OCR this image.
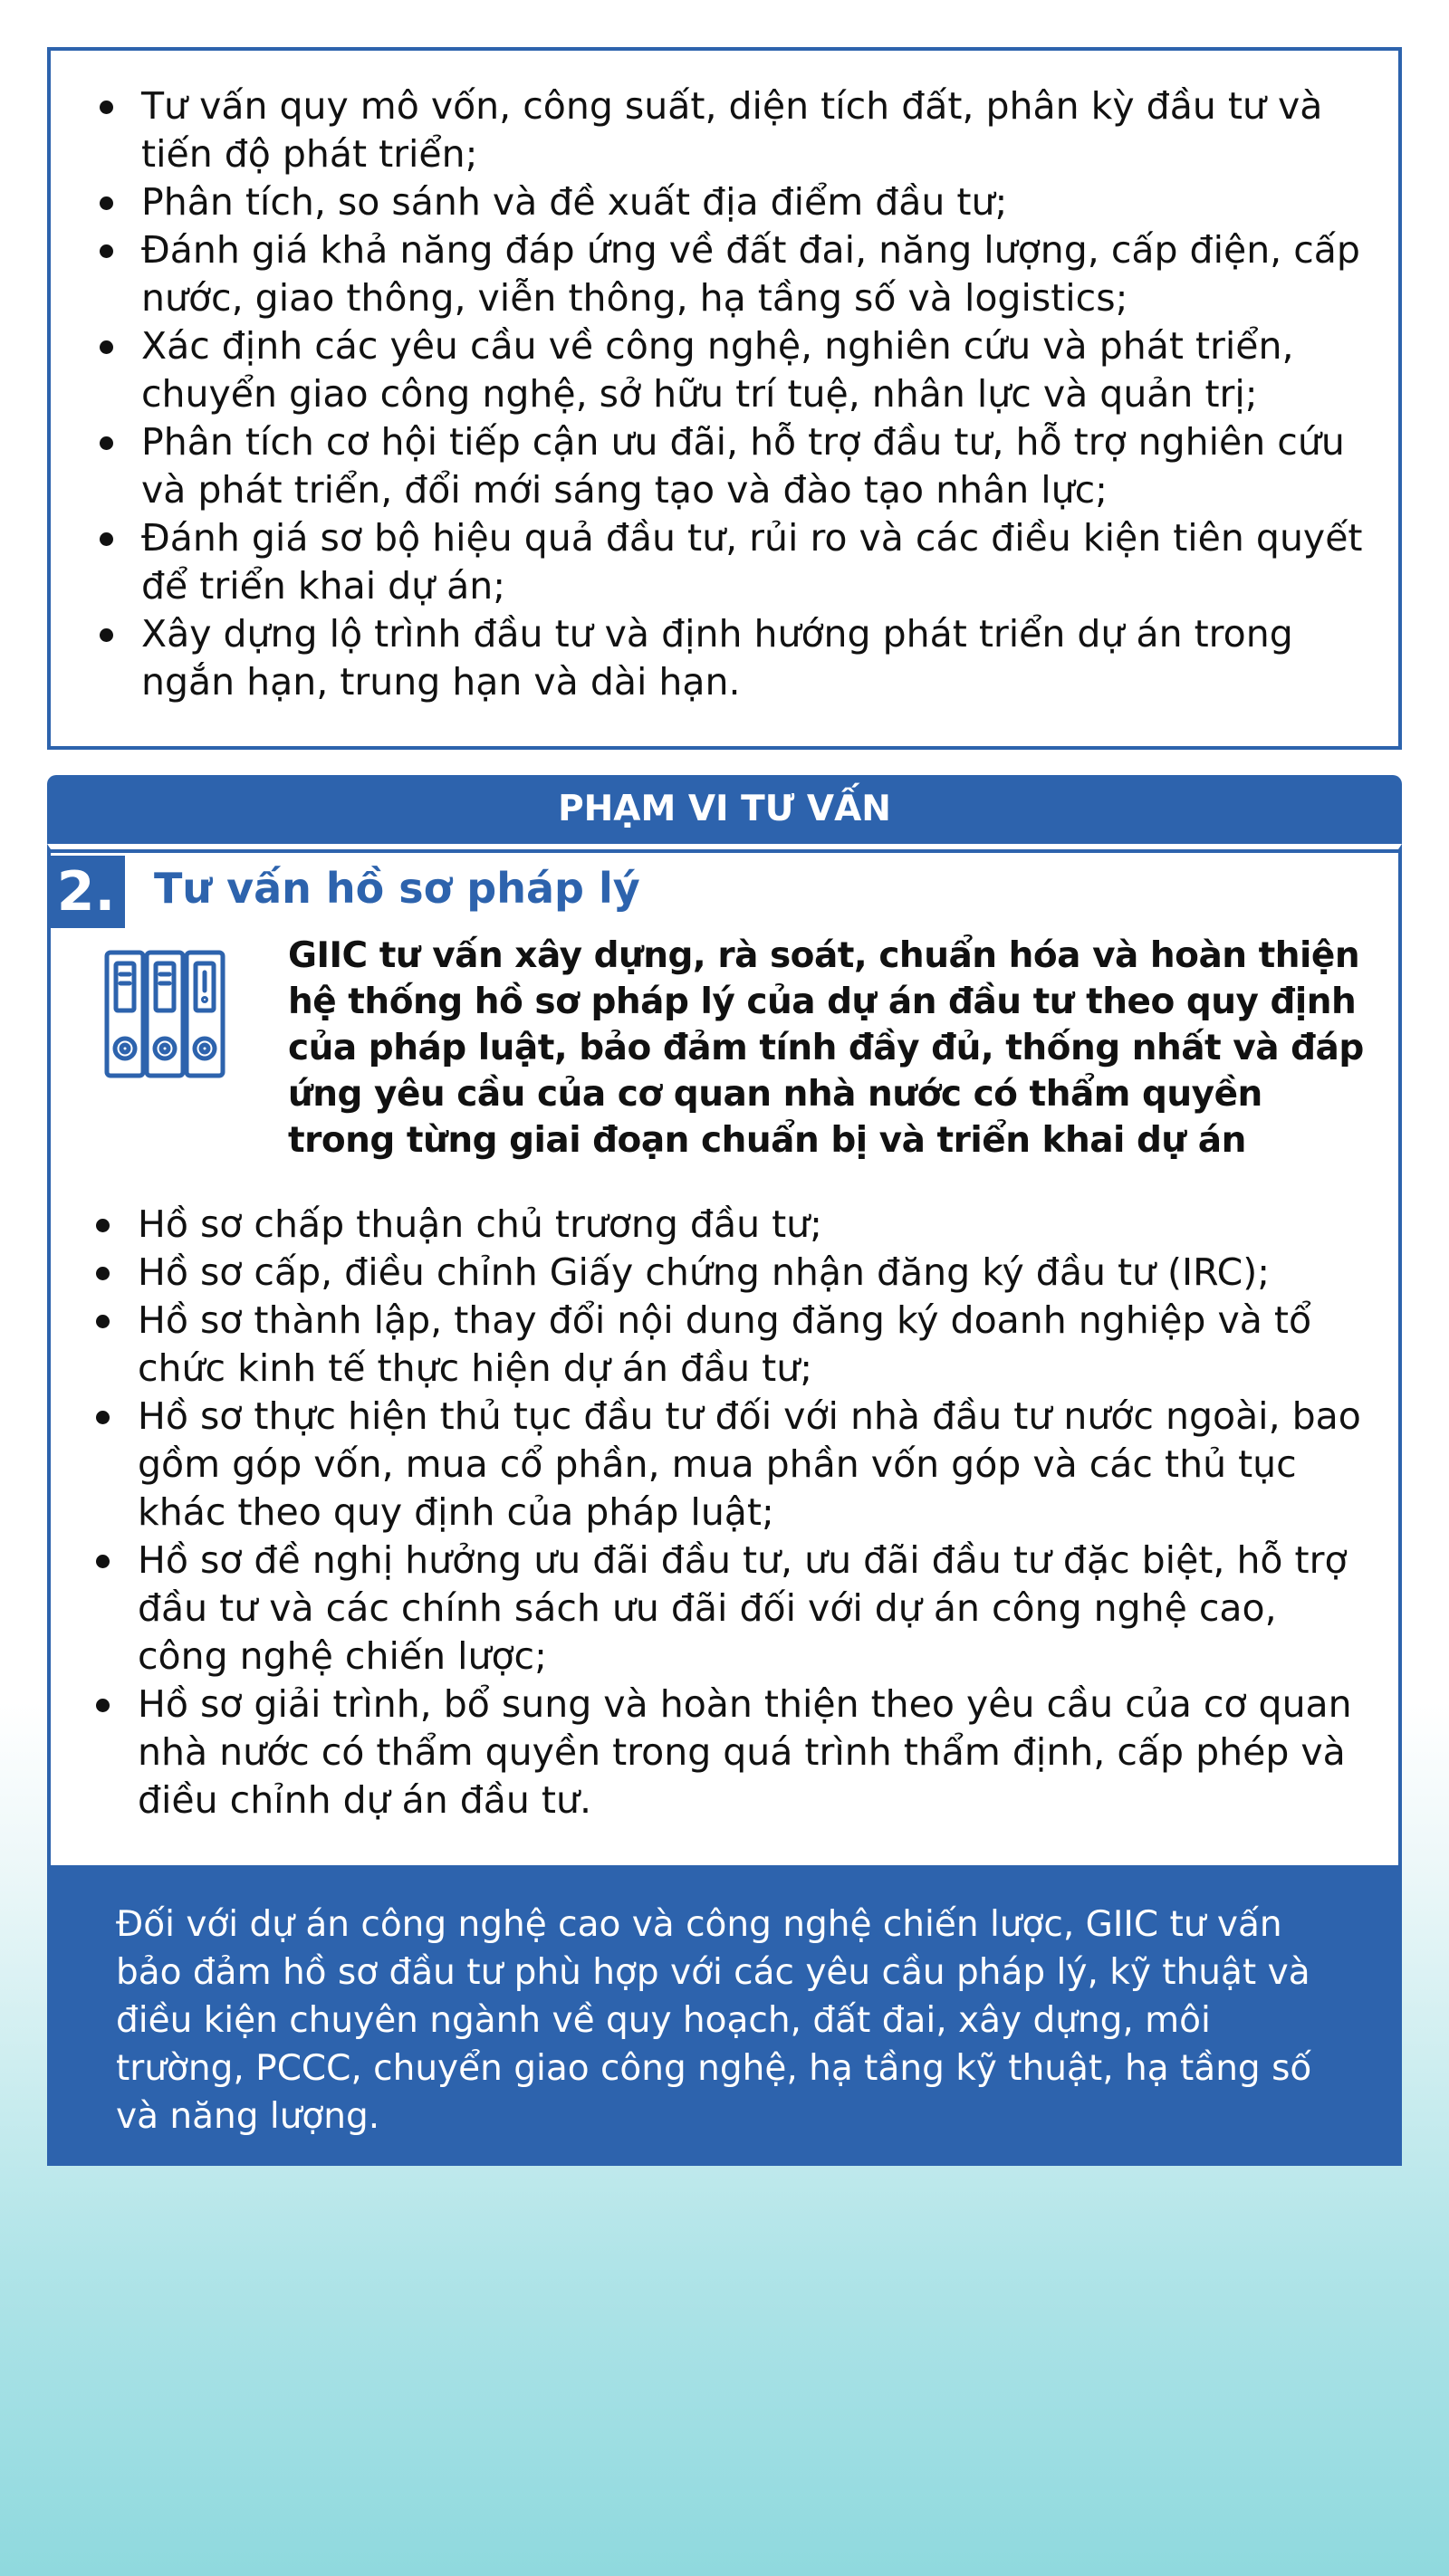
Tư vấn quy mô vốn, công suất, diện tích đất, phân kỳ đầu tư và tiến độ phát triển;
Phân tích, so sánh và đề xuất địa điểm đầu tư;
Đánh giá khả năng đáp ứng về đất đai, năng lượng, cấp điện, cấp nước, giao thông, viễn thông, hạ tầng số và logistics;
Xác định các yêu cầu về công nghệ, nghiên cứu và phát triển, chuyển giao công nghệ, sở hữu trí tuệ, nhân lực và quản trị;
Phân tích cơ hội tiếp cận ưu đãi, hỗ trợ đầu tư, hỗ trợ nghiên cứu và phát triển, đổi mới sáng tạo và đào tạo nhân lực;
Đánh giá sơ bộ hiệu quả đầu tư, rủi ro và các điều kiện tiên quyết để triển khai dự án;
Xây dựng lộ trình đầu tư và định hướng phát triển dự án trong ngắn hạn, trung hạn và dài hạn.
PHẠM VI TƯ VẤN
2. Tư vấn hồ sơ pháp lý
GIIC tư vấn xây dựng, rà soát, chuẩn hóa và hoàn thiện hệ thống hồ sơ pháp lý của dự án đầu tư theo quy định của pháp luật, bảo đảm tính đầy đủ, thống nhất và đáp ứng yêu cầu của cơ quan nhà nước có thẩm quyền trong từng giai đoạn chuẩn bị và triển khai dự án
Hồ sơ chấp thuận chủ trương đầu tư;
Hồ sơ cấp, điều chỉnh Giấy chứng nhận đăng ký đầu tư (IRC);
Hồ sơ thành lập, thay đổi nội dung đăng ký doanh nghiệp và tổ chức kinh tế thực hiện dự án đầu tư;
Hồ sơ thực hiện thủ tục đầu tư đối với nhà đầu tư nước ngoài, bao gồm góp vốn, mua cổ phần, mua phần vốn góp và các thủ tục khác theo quy định của pháp luật;
Hồ sơ đề nghị hưởng ưu đãi đầu tư, ưu đãi đầu tư đặc biệt, hỗ trợ đầu tư và các chính sách ưu đãi đối với dự án công nghệ cao, công nghệ chiến lược;
Hồ sơ giải trình, bổ sung và hoàn thiện theo yêu cầu của cơ quan nhà nước có thẩm quyền trong quá trình thẩm định, cấp phép và điều chỉnh dự án đầu tư.
Đối với dự án công nghệ cao và công nghệ chiến lược, GIIC tư vấn bảo đảm hồ sơ đầu tư phù hợp với các yêu cầu pháp lý, kỹ thuật và điều kiện chuyên ngành về quy hoạch, đất đai, xây dựng, môi trường, PCCC, chuyển giao công nghệ, hạ tầng kỹ thuật, hạ tầng số và năng lượng.
